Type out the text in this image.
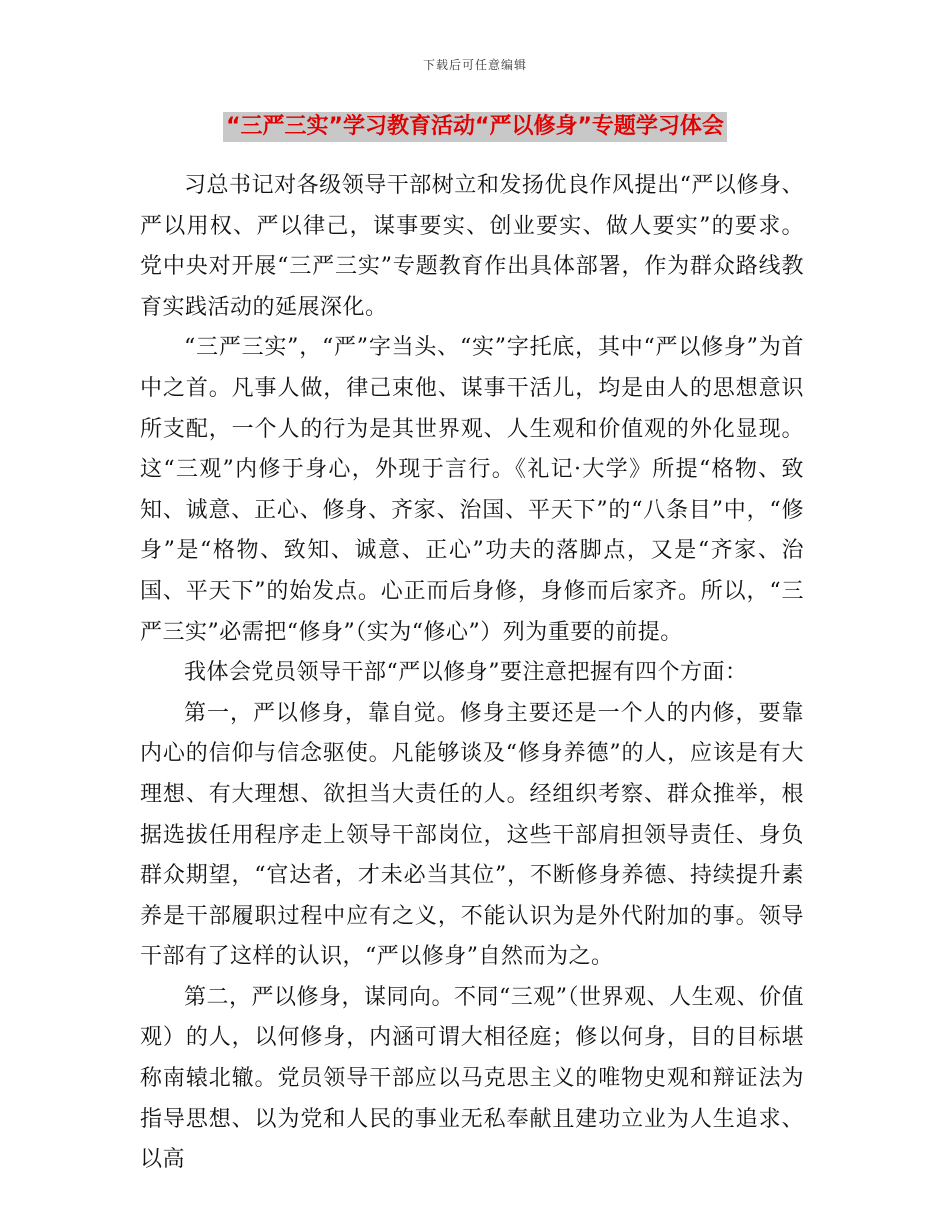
下载后可任意编辑
“三严三实”学习教育活动“严以修身”专题学习体会

习总书记对各级领导干部树立和发扬优良作风提出“严以修身、严以用权、严以律己，谋事要实、创业要实、做人要实”的要求。党中央对开展“三严三实”专题教育作出具体部署，作为群众路线教育实践活动的延展深化。

“三严三实”，“严”字当头、“实”字托底，其中“严以修身”为首中之首。凡事人做，律己束他、谋事干活儿，均是由人的思想意识所支配，一个人的行为是其世界观、人生观和价值观的外化显现。这“三观”内修于身心，外现于言行。《礼记·大学》所提“格物、致知、诚意、正心、修身、齐家、治国、平天下”的“八条目”中，“修身”是“格物、致知、诚意、正心”功夫的落脚点，又是“齐家、治国、平天下”的始发点。心正而后身修，身修而后家齐。所以，“三严三实”必需把“修身”（实为“修心”）列为重要的前提。

我体会党员领导干部“严以修身”要注意把握有四个方面：

第一，严以修身，靠自觉。修身主要还是一个人的内修，要靠内心的信仰与信念驱使。凡能够谈及“修身养德”的人，应该是有大理想、有大理想、欲担当大责任的人。经组织考察、群众推举，根据选拔任用程序走上领导干部岗位，这些干部肩担领导责任、身负群众期望，“官达者，才未必当其位”，不断修身养德、持续提升素养是干部履职过程中应有之义，不能认识为是外代附加的事。领导干部有了这样的认识，“严以修身”自然而为之。

第二，严以修身，谋同向。不同“三观”（世界观、人生观、价值观）的人，以何修身，内涵可谓大相径庭；修以何身，目的目标堪称南辕北辙。党员领导干部应以马克思主义的唯物史观和辩证法为指导思想、以为党和人民的事业无私奉献且建功立业为人生追求、以高
